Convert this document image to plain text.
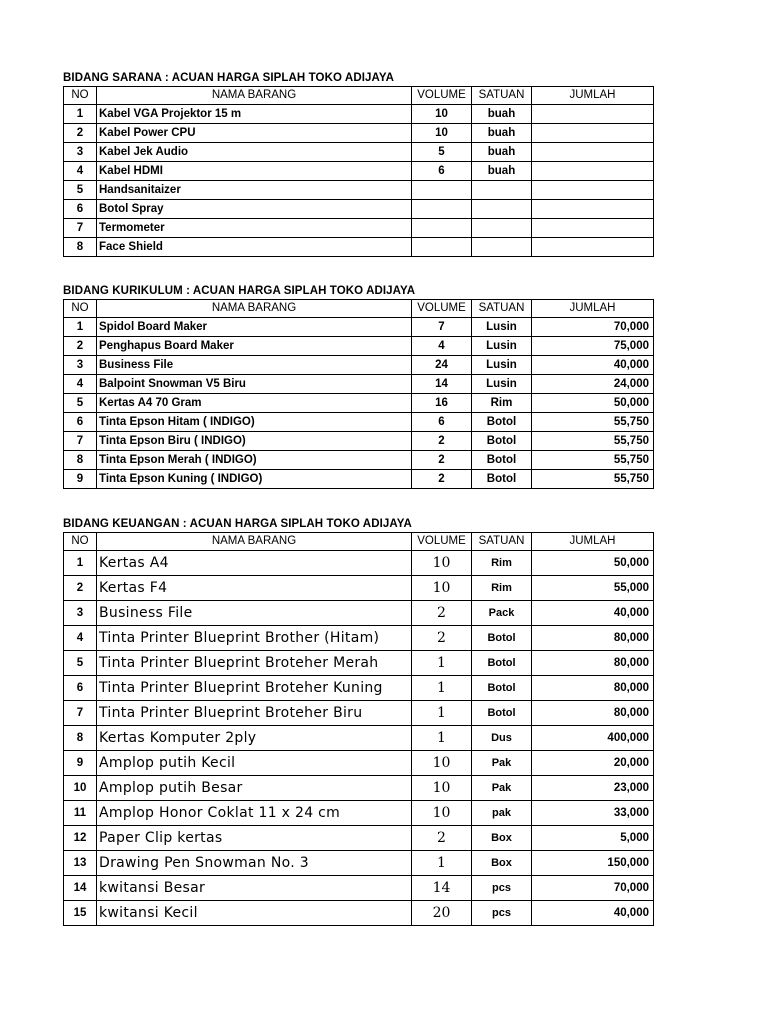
BIDANG SARANA : ACUAN HARGA SIPLAH TOKO ADIJAYA
NO	NAMA BARANG	VOLUME	SATUAN	JUMLAH
1	Kabel VGA Projektor 15 m	10	buah	
2	Kabel Power CPU	10	buah	
3	Kabel Jek Audio	5	buah	
4	Kabel HDMI	6	buah	
5	Handsanitaizer			
6	Botol Spray			
7	Termometer			
8	Face Shield			
BIDANG KURIKULUM : ACUAN HARGA SIPLAH TOKO ADIJAYA
NO	NAMA BARANG	VOLUME	SATUAN	JUMLAH
1	Spidol Board Maker	7	Lusin	70,000
2	Penghapus Board Maker	4	Lusin	75,000
3	Business File	24	Lusin	40,000
4	Balpoint Snowman V5 Biru	14	Lusin	24,000
5	Kertas A4 70 Gram	16	Rim	50,000
6	Tinta Epson Hitam ( INDIGO)	6	Botol	55,750
7	Tinta Epson Biru ( INDIGO)	2	Botol	55,750
8	Tinta Epson Merah ( INDIGO)	2	Botol	55,750
9	Tinta Epson Kuning ( INDIGO)	2	Botol	55,750
BIDANG KEUANGAN : ACUAN HARGA SIPLAH TOKO ADIJAYA
NO	NAMA BARANG	VOLUME	SATUAN	JUMLAH
1	Kertas A4	10	Rim	50,000
2	Kertas F4	10	Rim	55,000
3	Business File	2	Pack	40,000
4	Tinta Printer Blueprint Brother (Hitam)	2	Botol	80,000
5	Tinta Printer Blueprint Broteher Merah	1	Botol	80,000
6	Tinta Printer Blueprint Broteher Kuning	1	Botol	80,000
7	Tinta Printer Blueprint Broteher Biru	1	Botol	80,000
8	Kertas Komputer 2ply	1	Dus	400,000
9	Amplop putih Kecil	10	Pak	20,000
10	Amplop putih Besar	10	Pak	23,000
11	Amplop Honor Coklat 11 x 24 cm	10	pak	33,000
12	Paper Clip kertas	2	Box	5,000
13	Drawing Pen Snowman No. 3	1	Box	150,000
14	kwitansi Besar	14	pcs	70,000
15	kwitansi Kecil	20	pcs	40,000
